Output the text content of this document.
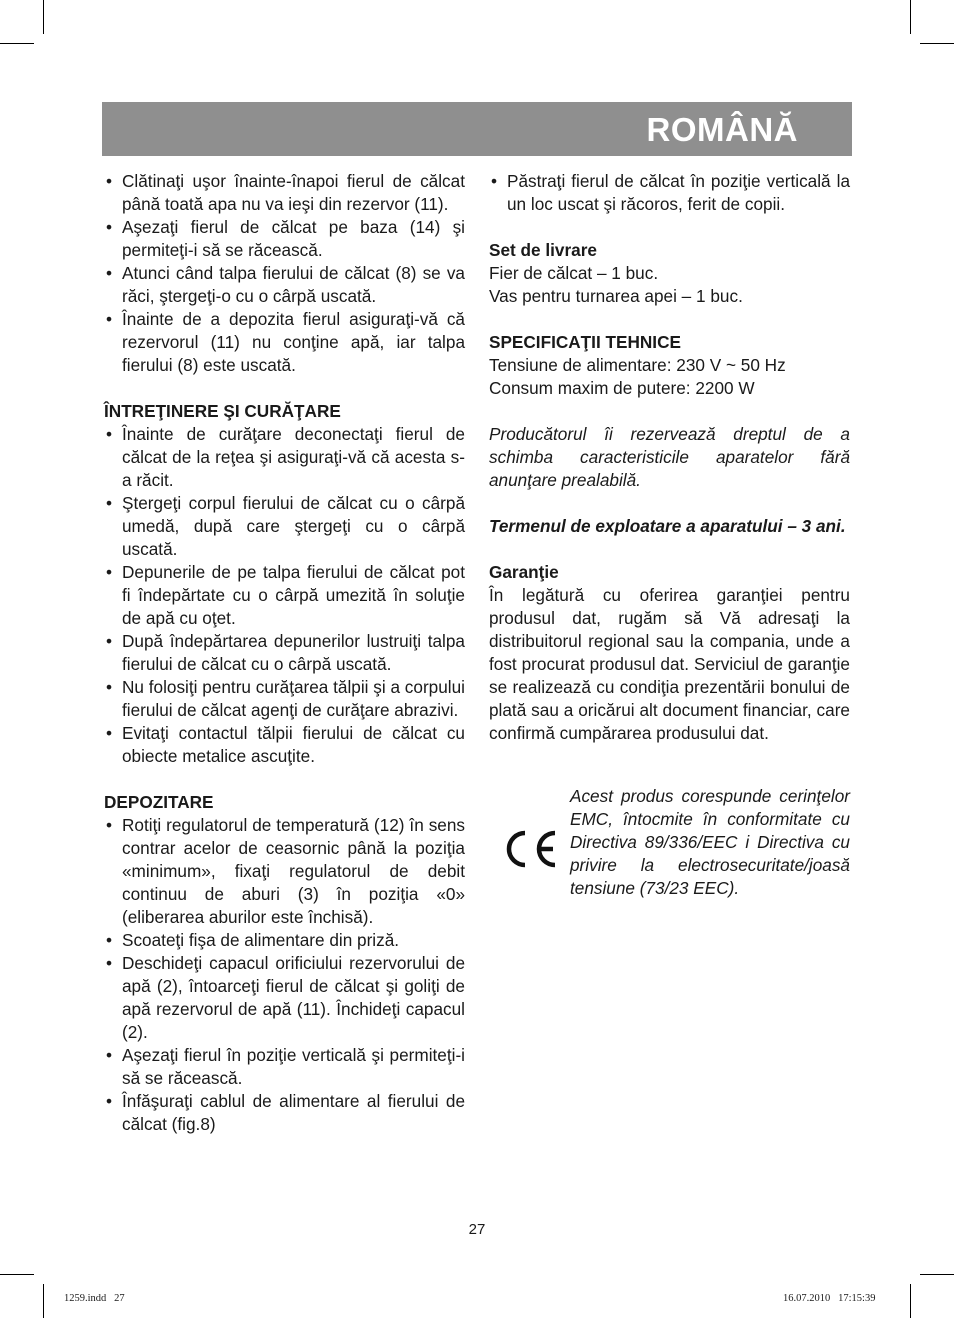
ROMÂNĂ
• Clătinaţi uşor înainte-înapoi fierul de călcat până toată apa nu va ieşi din rezervor (11).
• Aşezaţi fierul de călcat pe baza (14) şi permiteţi-i să se răcească.
• Atunci când talpa fierului de călcat (8) se va răci, ştergeţi-o cu o cârpă uscată.
• Înainte de a depozita fierul asiguraţi-vă că rezervorul (11) nu conţine apă, iar talpa fierului (8) este uscată.

ÎNTREŢINERE ŞI CURĂŢARE

• Înainte de curăţare deconectaţi fierul de călcat de la reţea şi asiguraţi-vă că acesta s-a răcit.
• Ştergeţi corpul fierului de călcat cu o cârpă umedă, după care ştergeţi cu o cârpă uscată.
• Depunerile de pe talpa fierului de călcat pot fi îndepărtate cu o cârpă umezită în soluţie de apă cu oţet.
• După îndepărtarea depunerilor lustruiţi talpa fierului de călcat cu o cârpă uscată.
• Nu folosiţi pentru curăţarea tălpii şi a corpului fierului de călcat agenţi de curăţare abrazivi.
• Evitaţi contactul tălpii fierului de călcat cu obiecte metalice ascuţite.

DEPOZITARE

• Rotiţi regulatorul de temperatură (12) în sens contrar acelor de ceasornic până la poziţia «minimum», fixaţi regulatorul de debit continuu de aburi (3) în poziţia «0» (eliberarea aburilor este închisă).
• Scoateţi fişa de alimentare din priză.
• Deschideţi capacul orificiului rezervorului de apă (2), întoarceţi fierul de călcat şi goliţi de apă rezervorul de apă (11). Închideţi capacul (2).
• Aşezaţi fierul în poziţie verticală şi permiteţi-i să se răcească.
• Înfăşuraţi cablul de alimentare al fierului de călcat (fig.8)
• Păstraţi fierul de călcat în poziţie verticală la un loc uscat şi răcoros, ferit de copii.

Set de livrare

Fier de călcat – 1 buc.

Vas pentru turnarea apei – 1 buc.

SPECIFICAŢII TEHNICE

Tensiune de alimentare: 230 V ~ 50 Hz

Consum maxim de putere: 2200 W

Producătorul îi rezervează dreptul de a schimba caracteristicile aparatelor fără anunţare prealabilă.

Termenul de exploatare a aparatului – 3 ani.

Garanţie

În legătură cu oferirea garanţiei pentru produsul dat, rugăm să Vă adresaţi la distribuitorul regional sau la compania, unde a fost procurat produsul dat. Serviciul de garanţie se realizează cu condiţia prezentării bonului de plată sau a oricărui alt document financiar, care confirmă cumpărarea produsului dat.

Acest produs corespunde cerinţelor EMC, întocmite în conformitate cu Directiva 89/336/EEC i Directiva cu privire la electrosecuritate/joasă tensiune (73/23 EEC).

27
1259.indd   27	16.07.2010   17:15:39
